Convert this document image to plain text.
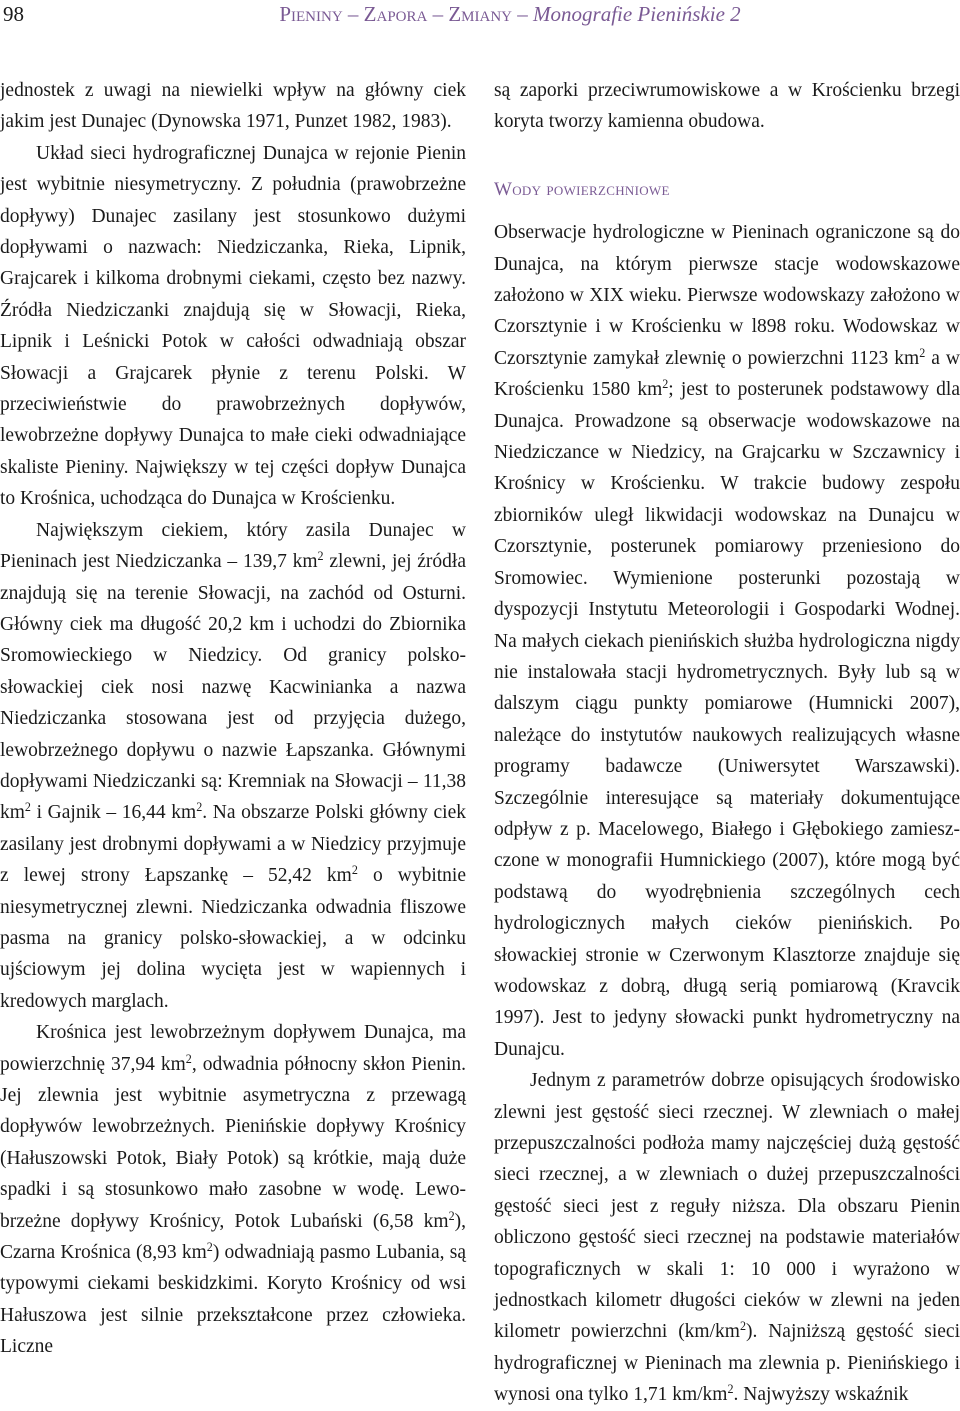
98	Pieniny – Zapora – Zmiany – Monografie Pienińskie 2

jednostek z uwagi na niewielki wpływ na główny ciek jakim jest Dunajec (Dynowska 1971, Punzet 1982, 1983).

Układ sieci hydrograficznej Dunajca w rejonie Pienin jest wybitnie niesymetryczny. Z południa (prawobrzeżne dopływy) Dunajec zasilany jest stosunkowo dużymi dopływami o nazwach: Niedziczanka, Rieka, Lipnik, Grajcarek i kilkoma drobnymi ciekami, często bez nazwy. Źródła Niedziczanki znajdują się w Słowacji, Rieka, Lipnik i Leśnicki Potok w całości odwadniają obszar Słowacji a Grajcarek płynie z terenu Polski. W przeciwieństwie do prawobrzeżnych dopływów, lewobrzeżne dopływy Dunajca to małe cieki odwadniające skaliste Pieniny. Największy w tej części dopływ Dunajca to Krośnica, uchodząca do Dunajca w Krościenku.

Największym ciekiem, który zasila Dunajec w Pieninach jest Niedziczanka – 139,7 $km^2$ zlewni, jej źródła znajdują się na terenie Słowacji, na zachód od Osturni. Główny ciek ma długość 20,2 km i uchodzi do Zbiornika Sromowieckiego w Niedzicy. Od granicy polsko-słowackiej ciek nosi nazwę Kacwinianka a nazwa Niedziczanka stosowana jest od przyjęcia dużego, lewobrzeżnego dopływu o nazwie Łapszanka. Głównymi dopływami Niedziczanki są: Kremniak na Słowacji – 11,38 $km^2$ i Gajnik – 16,44 $km^2$. Na obszarze Polski główny ciek zasilany jest drobnymi dopływami a w Niedzicy przyjmuje z lewej strony Łapszankę – 52,42 $km^2$ o wybitnie niesymetrycznej zlewni. Niedziczanka odwadnia fliszowe pasma na granicy polsko-słowackiej, a w odcinku ujściowym jej dolina wycięta jest w wapiennych i kredowych marglach.

Krośnica jest lewobrzeżnym dopływem Dunajca, ma powierzchnię 37,94 $km^2$, odwadnia północny skłon Pienin. Jej zlewnia jest wybitnie asymetryczna z przewagą dopływów lewobrzeżnych. Pienińskie dopływy Krośnicy (Hałuszowski Potok, Biały Potok) są krótkie, mają duże spadki i są stosunkowo mało zasobne w wodę. Lewobrzeżne dopływy Krośnicy, Potok Lubański (6,58 $km^2$), Czarna Krośnica (8,93 $km^2$) odwadniają pasmo Lubania, są typowymi ciekami beskidzkimi. Koryto Krośnicy od wsi Hałuszowa jest silnie przekształcone przez człowieka. Liczne

są zaporki przeciwrumowiskowe a w Krościenku brzegi koryta tworzy kamienna obudowa.

Wody powierzchniowe

Obserwacje hydrologiczne w Pieninach ograniczone są do Dunajca, na którym pierwsze stacje wodowskazowe założono w XIX wieku. Pierwsze wodowskazy założono w Czorsztynie i w Krościenku w l898 roku. Wodowskaz w Czorsztynie zamykał zlewnię o powierzchni 1123 $km^2$ a w Krościenku 1580 $km^2$; jest to posterunek podstawowy dla Dunajca. Prowadzone są obserwacje wodowskazowe na Niedziczance w Niedzicy, na Grajcarku w Szczawnicy i Krośnicy w Krościenku. W trakcie budowy zespołu zbiorników uległ likwidacji wodowskaz na Dunajcu w Czorsztynie, posterunek pomiarowy przeniesiono do Sromowiec. Wymienione posterunki pozostają w dyspozycji Instytutu Meteorologii i Gospodarki Wodnej. Na małych ciekach pienińskich służba hydrologiczna nigdy nie instalowała stacji hydrometrycznych. Były lub są w dalszym ciągu punkty pomiarowe (Humnicki 2007), należące do instytutów naukowych realizujących własne programy badawcze (Uniwersytet Warszawski). Szczególnie interesujące są materiały dokumentujące odpływ z p. Macelowego, Białego i Głębokiego zamieszczone w monografii Humnickiego (2007), które mogą być podstawą do wyodrębnienia szczególnych cech hydrologicznych małych cieków pienińskich. Po słowackiej stronie w Czerwonym Klasztorze znajduje się wodowskaz z dobrą, długą serią pomiarową (Kravcik 1997). Jest to jedyny słowacki punkt hydrometryczny na Dunajcu.

Jednym z parametrów dobrze opisujących środowisko zlewni jest gęstość sieci rzecznej. W zlewniach o małej przepuszczalności podłoża mamy najczęściej dużą gęstość sieci rzecznej, a w zlewniach o dużej przepuszczalności gęstość sieci jest z reguły niższa. Dla obszaru Pienin obliczono gęstość sieci rzecznej na podstawie materiałów topograficznych w skali 1: 10 000 i wyrażono w jednostkach kilometr długości cieków w zlewni na jeden kilometr powierzchni $(km/km^2)$. Najniższą gęstość sieci hydrograficznej w Pieninach ma zlewnia p. Pienińskiego i wynosi ona tylko 1,71 $km/km^2$. Najwyższy wskaźnik
